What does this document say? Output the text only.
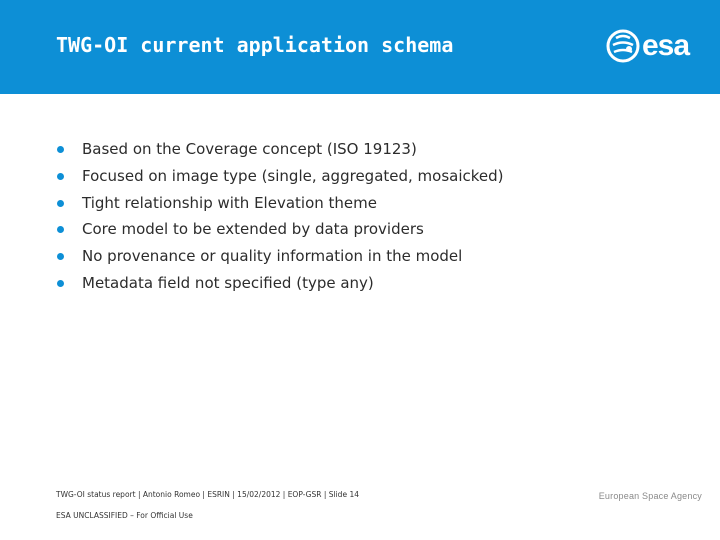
TWG-OI current application schema	esa
Based on the Coverage concept (ISO 19123)
Focused on image type (single, aggregated, mosaicked)
Tight relationship with Elevation theme
Core model to be extended by data providers
No provenance or quality information in the model
Metadata field not specified (type any)
TWG-OI status report | Antonio Romeo | ESRIN | 15/02/2012 | EOP-GSR | Slide 14
ESA UNCLASSIFIED – For Official Use
European Space Agency
